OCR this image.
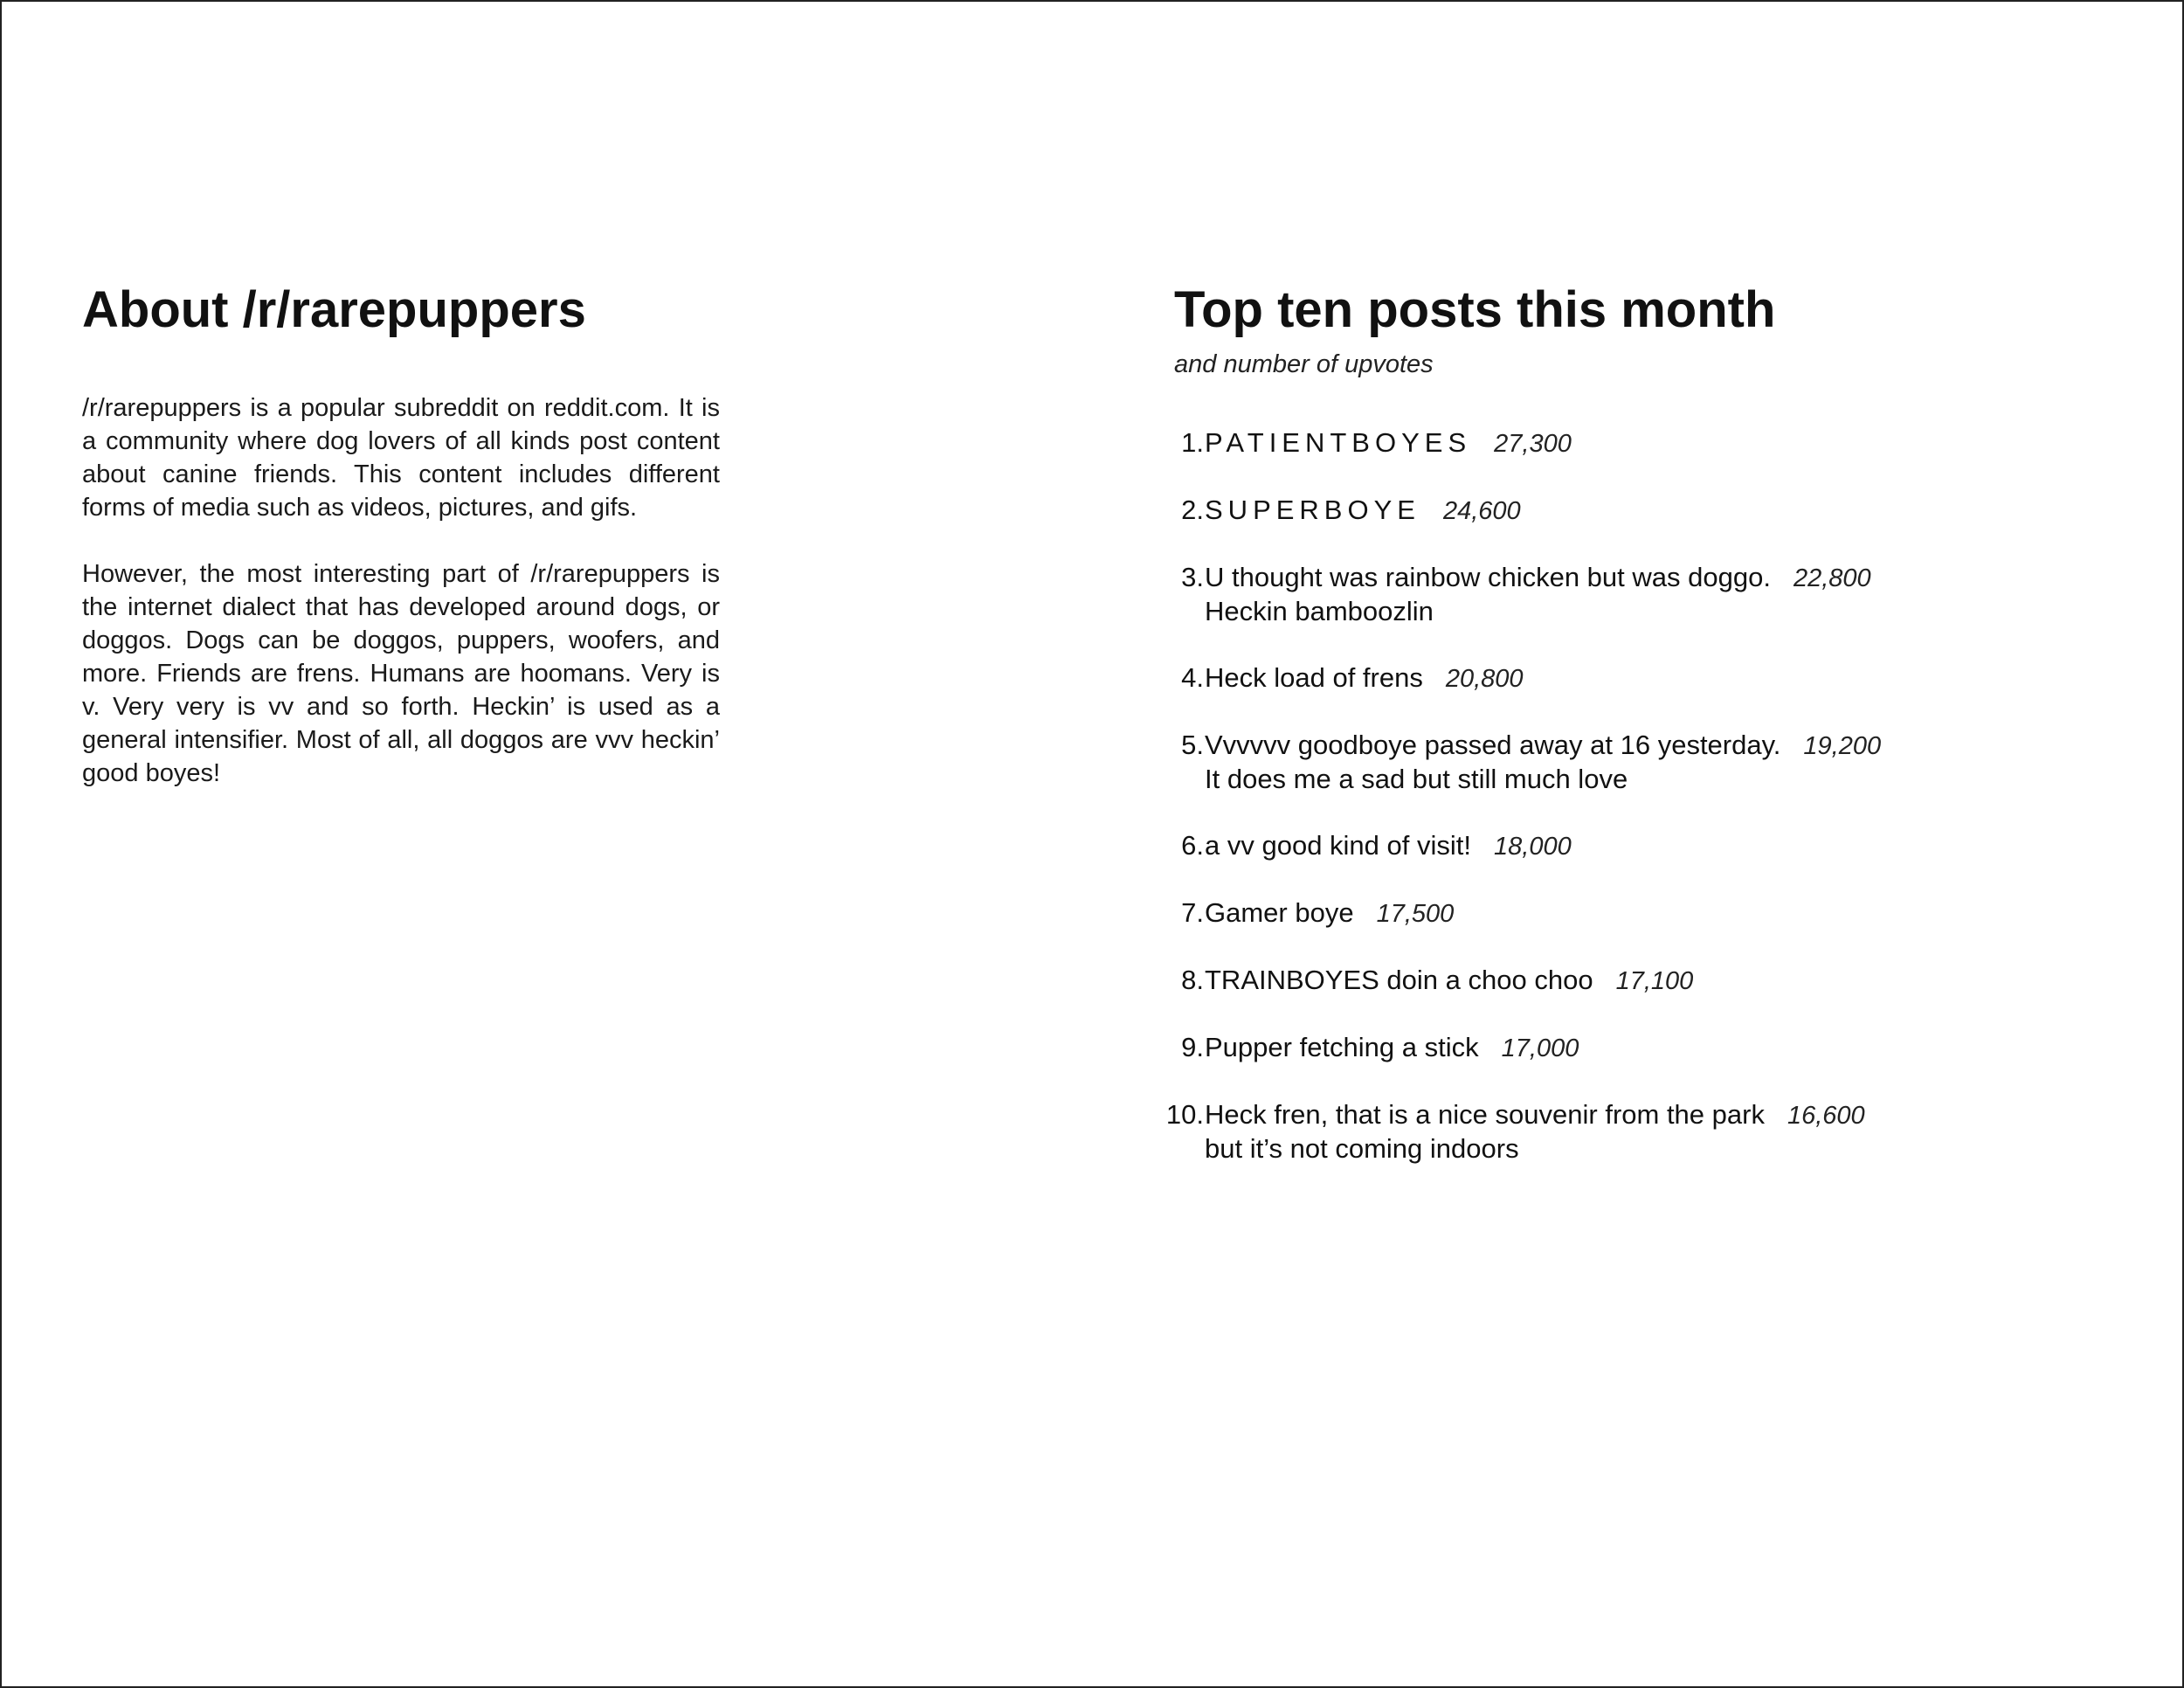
About /r/rarepuppers

/r/rarepuppers is a popular subreddit on reddit.com. It is a community where dog lovers of all kinds post content about canine friends. This content includes different forms of media such as videos, pictures, and gifs.

However, the most interesting part of /r/rarepuppers is the internet dialect that has developed around dogs, or doggos. Dogs can be doggos, puppers, woofers, and more. Friends are frens. Humans are hoomans. Very is v. Very very is vv and so forth. Heckin’ is used as a general intensifier. Most of all, all doggos are vvv heckin’ good boyes!

Top ten posts this month

and number of upvotes

1. PATIENTBOYES 27,300
2. SUPERBOYE 24,600
3. U thought was rainbow chicken but was doggo. 22,800
Heckin bamboozlin
4. Heck load of frens 20,800
5. Vvvvvv goodboye passed away at 16 yesterday. 19,200
It does me a sad but still much love
6. a vv good kind of visit! 18,000
7. Gamer boye 17,500
8. TRAINBOYES doin a choo choo 17,100
9. Pupper fetching a stick 17,000
10. Heck fren, that is a nice souvenir from the park 16,600
but it’s not coming indoors
